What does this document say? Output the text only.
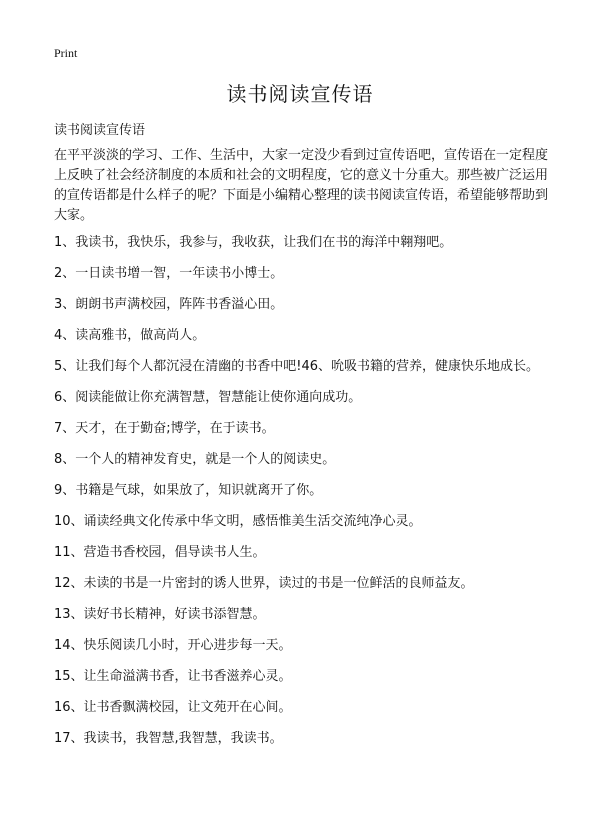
Print
读书阅读宣传语
读书阅读宣传语

在平平淡淡的学习、工作、生活中，大家一定没少看到过宣传语吧，宣传语在一定程度上反映了社会经济制度的本质和社会的文明程度，它的意义十分重大。那些被广泛运用的宣传语都是什么样子的呢？下面是小编精心整理的读书阅读宣传语，希望能够帮助到大家。

1、我读书，我快乐，我参与，我收获，让我们在书的海洋中翱翔吧。
2、一日读书增一智，一年读书小博士。
3、朗朗书声满校园，阵阵书香溢心田。
4、读高雅书，做高尚人。
5、让我们每个人都沉浸在清幽的书香中吧!46、吮吸书籍的营养，健康快乐地成长。
6、阅读能做让你充满智慧，智慧能让使你通向成功。
7、天才，在于勤奋;博学，在于读书。
8、一个人的精神发育史，就是一个人的阅读史。
9、书籍是气球，如果放了，知识就离开了你。
10、诵读经典文化传承中华文明，感悟惟美生活交流纯净心灵。
11、营造书香校园，倡导读书人生。
12、未读的书是一片密封的诱人世界，读过的书是一位鲜活的良师益友。
13、读好书长精神，好读书添智慧。
14、快乐阅读几小时，开心进步每一天。
15、让生命溢满书香，让书香滋养心灵。
16、让书香飘满校园，让文苑开在心间。
17、我读书，我智慧,我智慧，我读书。
